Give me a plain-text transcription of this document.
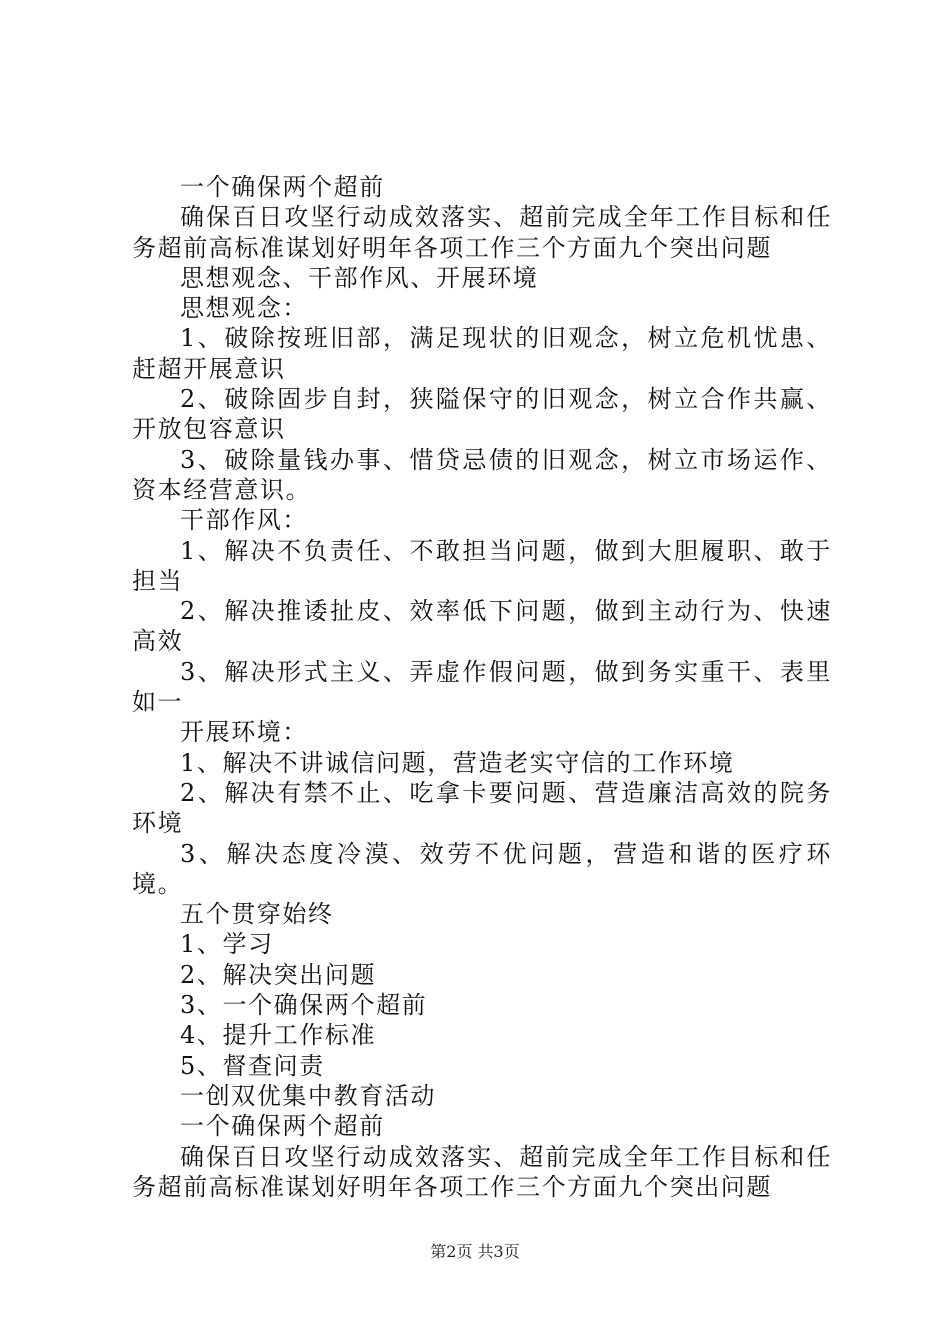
一个确保两个超前

确保百日攻坚行动成效落实、超前完成全年工作目标和任务超前高标准谋划好明年各项工作三个方面九个突出问题

思想观念、干部作风、开展环境

思想观念：

1、破除按班旧部，满足现状的旧观念，树立危机忧患、赶超开展意识

2、破除固步自封，狭隘保守的旧观念，树立合作共赢、开放包容意识

3、破除量钱办事、惜贷忌债的旧观念，树立市场运作、资本经营意识。

干部作风：

1、解决不负责任、不敢担当问题，做到大胆履职、敢于担当

2、解决推诿扯皮、效率低下问题，做到主动行为、快速高效

3、解决形式主义、弄虚作假问题，做到务实重干、表里如一

开展环境：

1、解决不讲诚信问题，营造老实守信的工作环境

2、解决有禁不止、吃拿卡要问题、营造廉洁高效的院务环境

3、解决态度冷漠、效劳不优问题，营造和谐的医疗环境。

五个贯穿始终

1、学习

2、解决突出问题

3、一个确保两个超前

4、提升工作标准

5、督查问责

一创双优集中教育活动

一个确保两个超前

确保百日攻坚行动成效落实、超前完成全年工作目标和任务超前高标准谋划好明年各项工作三个方面九个突出问题

第2页 共3页
